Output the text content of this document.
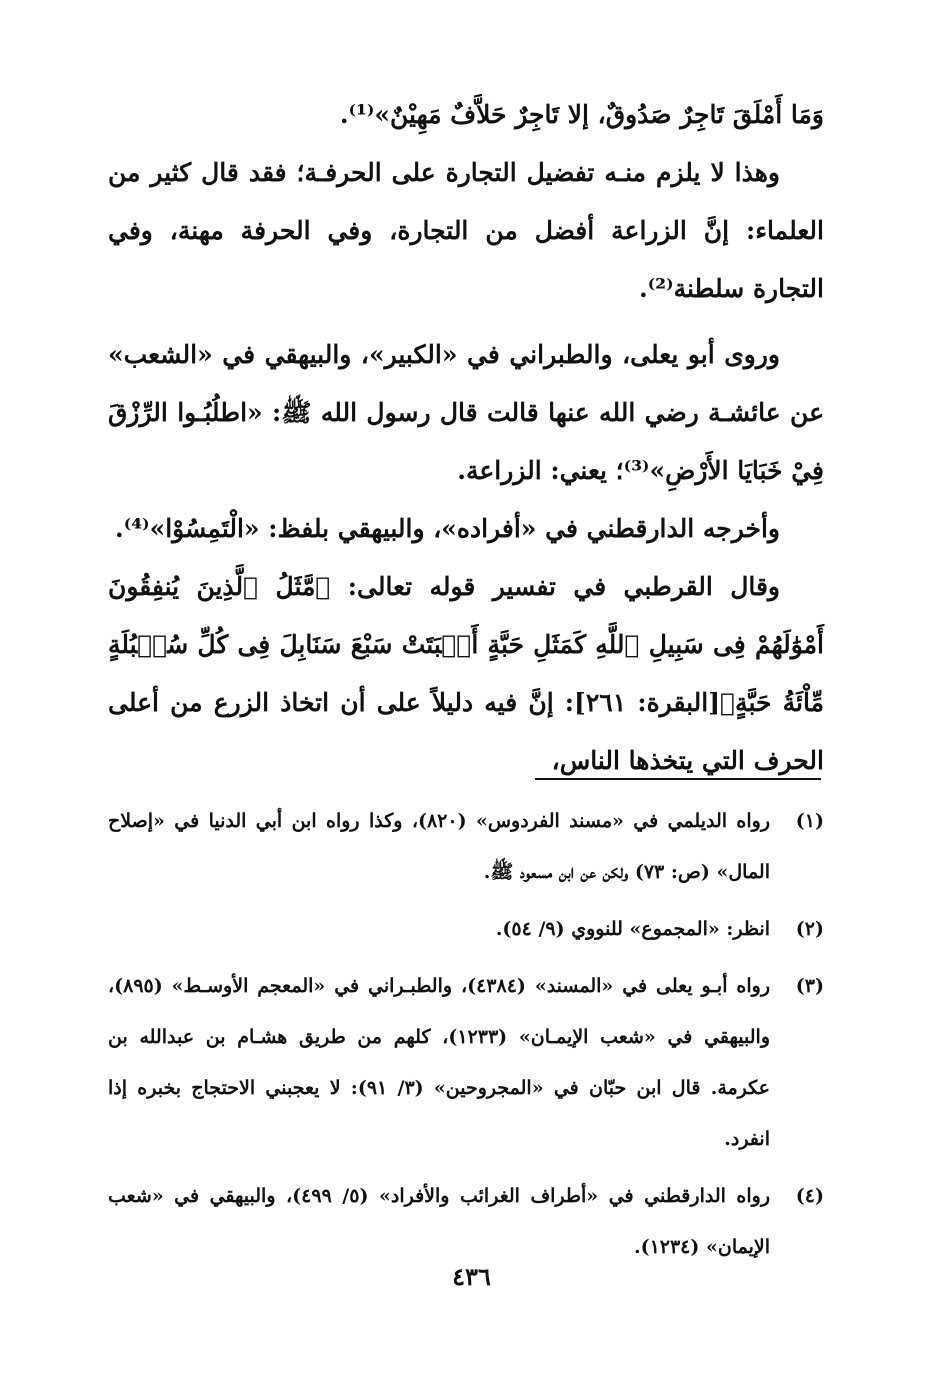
وَمَا أَمْلَقَ تَاجِرٌ صَدُوقٌ، إلا تَاجِرٌ حَلاَّفٌ مَهِيْنٌ»⁽¹⁾.

وهذا لا يلزم منـه تفضيل التجارة على الحرفـة؛ فقد قال كثير من العلماء: إنَّ الزراعة أفضل من التجارة، وفي الحرفة مهنة، وفي التجارة سلطنة⁽²⁾.

وروى أبو يعلى، والطبراني في «الكبير»، والبيهقي في «الشعب» عن عائشـة رضي الله عنها قالت قال رسول الله ﷺ: «اطلُبُـوا الرِّزْقَ فِيْ خَبَايَا الأَرْضِ»⁽³⁾؛ يعني: الزراعة.

وأخرجه الدارقطني في «أفراده»، والبيهقي بلفظ: «الْتَمِسُوْا»⁽⁴⁾.

وقال القرطبي في تفسير قوله تعالى: ﴿مَّثَلُ ٱلَّذِينَ يُنفِقُونَ أَمْوَٰلَهُمْ فِى سَبِيلِ ٱللَّهِ كَمَثَلِ حَبَّةٍ أَنۢبَتَتْ سَبْعَ سَنَابِلَ فِى كُلِّ سُنۢبُلَةٍ مِّاْئَةُ حَبَّةٍ﴾[البقرة: ٢٦١]: إنَّ فيه دليلاً على أن اتخاذ الزرع من أعلى الحرف التي يتخذها الناس،

(١)
رواه الديلمي في «مسند الفردوس» (٨٢٠)، وكذا رواه ابن أبي الدنيا في «إصلاح المال» (ص: ٧٣) ولكن عن ابن مسعود ﷺ.
(٢)
انظر: «المجموع» للنووي (٩/ ٥٤).
(٣)
رواه أبـو يعلى في «المسند» (٤٣٨٤)، والطبـراني في «المعجم الأوسـط» (٨٩٥)، والبيهقي في «شعب الإيمـان» (١٢٣٣)، كلهم من طريق هشـام بن عبدالله بن عكرمة. قال ابن حبّان في «المجروحين» (٣/ ٩١): لا يعجبني الاحتجاج بخبره إذا انفرد.
(٤)
رواه الدارقطني في «أطراف الغرائب والأفراد» (٥/ ٤٩٩)، والبيهقي في «شعب الإيمان» (١٢٣٤).
٤٣٦
